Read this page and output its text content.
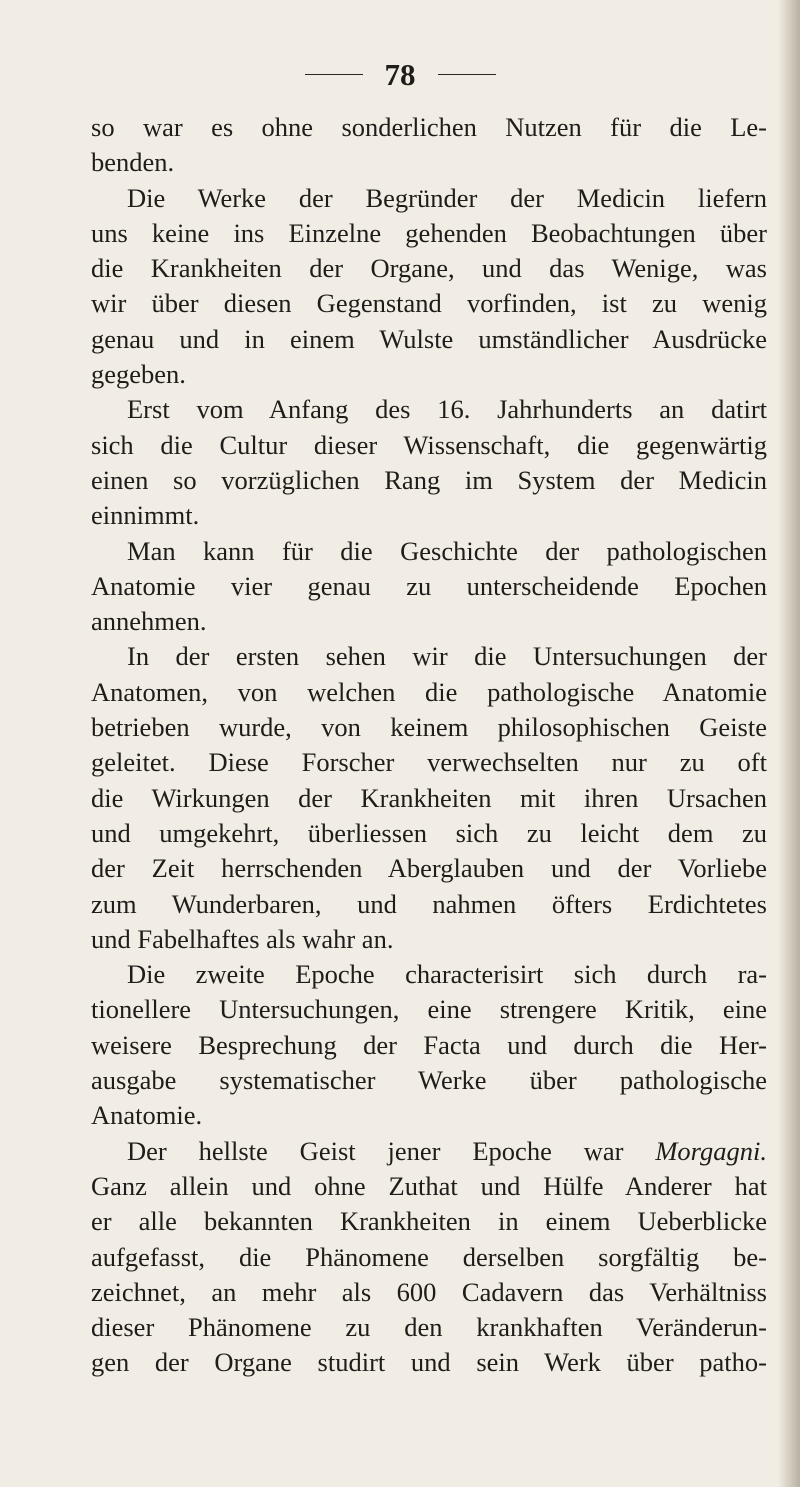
78
so war es ohne sonderlichen Nutzen für die Le-
benden.
Die Werke der Begründer der Medicin liefern
uns keine ins Einzelne gehenden Beobachtungen über
die Krankheiten der Organe, und das Wenige, was
wir über diesen Gegenstand vorfinden, ist zu wenig
genau und in einem Wulste umständlicher Ausdrücke
gegeben.
Erst vom Anfang des 16. Jahrhunderts an datirt
sich die Cultur dieser Wissenschaft, die gegenwärtig
einen so vorzüglichen Rang im System der Medicin
einnimmt.
Man kann für die Geschichte der pathologischen
Anatomie vier genau zu unterscheidende Epochen
annehmen.
In der ersten sehen wir die Untersuchungen der
Anatomen, von welchen die pathologische Anatomie
betrieben wurde, von keinem philosophischen Geiste
geleitet. Diese Forscher verwechselten nur zu oft
die Wirkungen der Krankheiten mit ihren Ursachen
und umgekehrt, überliessen sich zu leicht dem zu
der Zeit herrschenden Aberglauben und der Vorliebe
zum Wunderbaren, und nahmen öfters Erdichtetes
und Fabelhaftes als wahr an.
Die zweite Epoche characterisirt sich durch ra-
tionellere Untersuchungen, eine strengere Kritik, eine
weisere Besprechung der Facta und durch die Her-
ausgabe systematischer Werke über pathologische
Anatomie.
Der hellste Geist jener Epoche war Morgagni.
Ganz allein und ohne Zuthat und Hülfe Anderer hat
er alle bekannten Krankheiten in einem Ueberblicke
aufgefasst, die Phänomene derselben sorgfältig be-
zeichnet, an mehr als 600 Cadavern das Verhältniss
dieser Phänomene zu den krankhaften Veränderun-
gen der Organe studirt und sein Werk über patho-
